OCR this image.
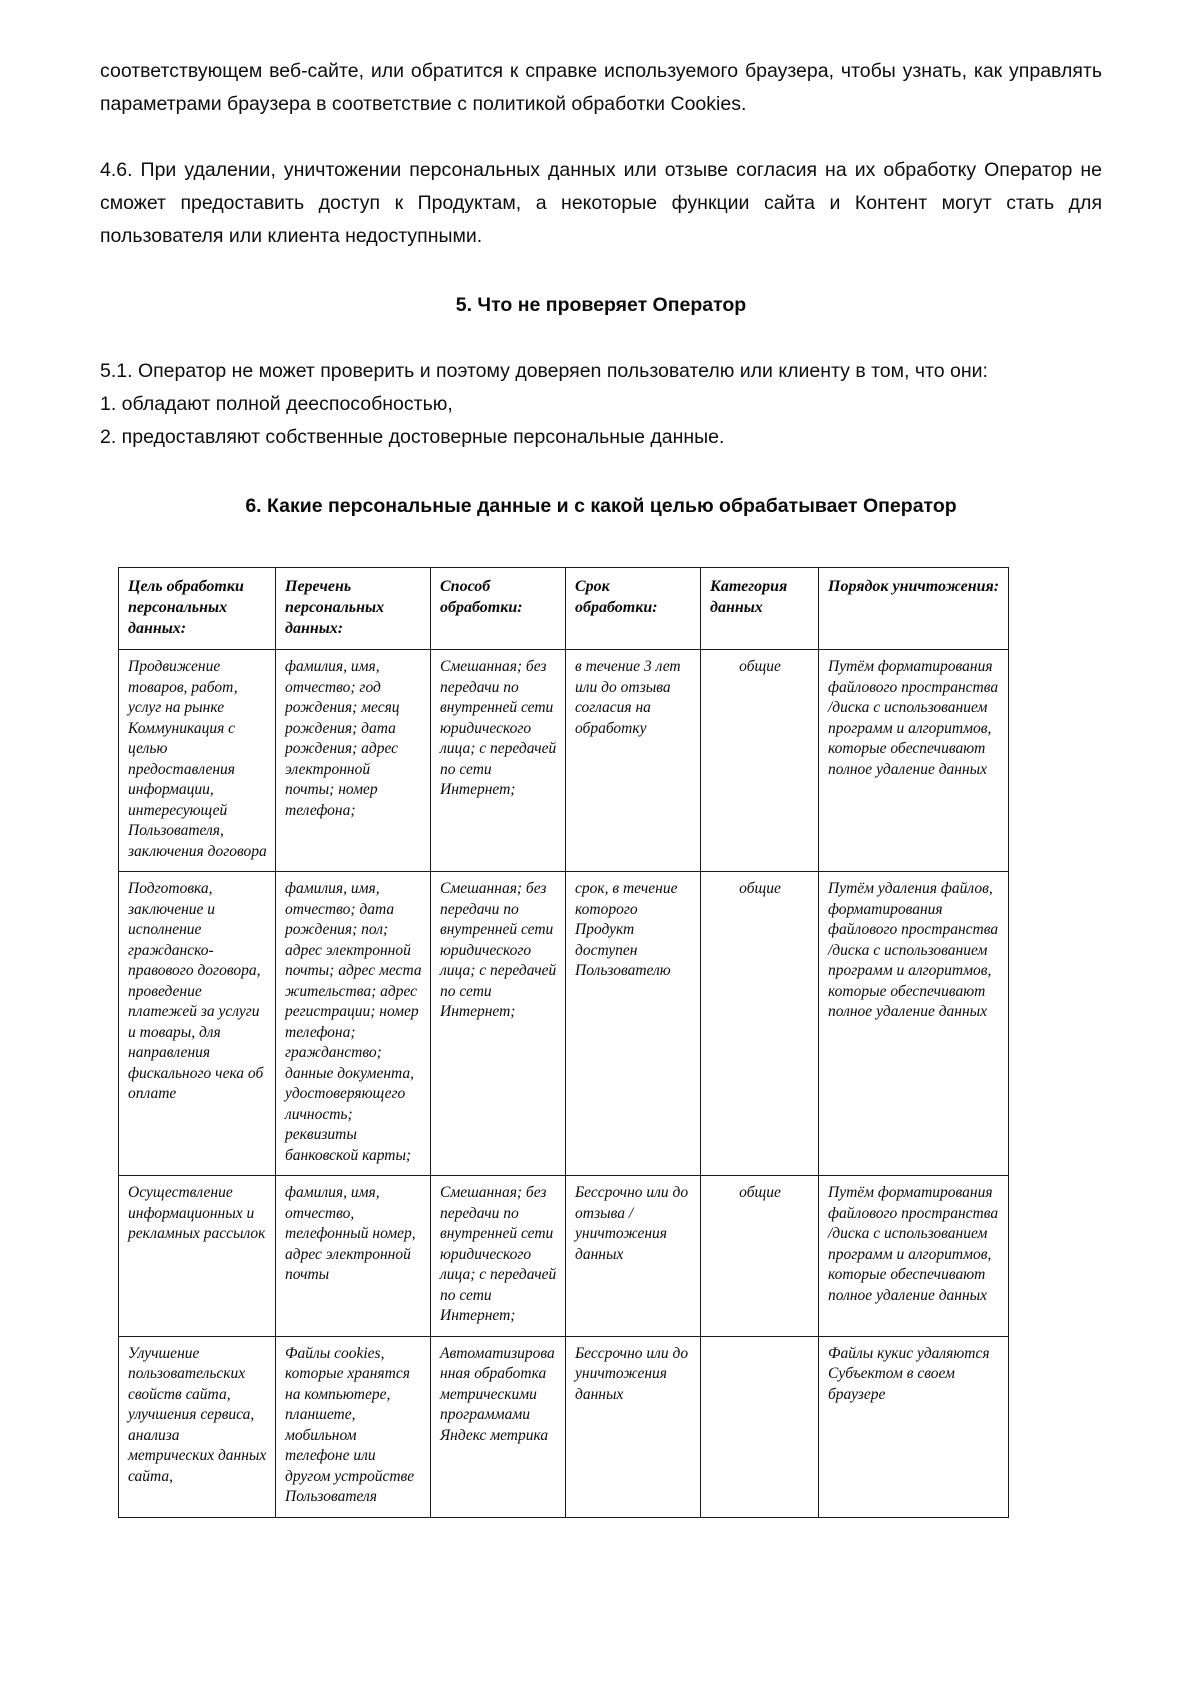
соответствующем веб-сайте, или обратится к справке используемого браузера, чтобы узнать, как управлять параметрами браузера в соответствие с политикой обработки Cookies.

4.6. При удалении, уничтожении персональных данных или отзыве согласия на их обработку Оператор не сможет предоставить доступ к Продуктам, а некоторые функции сайта и Контент могут стать для пользователя или клиента недоступными.

5. Что не проверяет Оператор

5.1. Оператор не может проверить и поэтому доверяеn пользователю или клиенту в том, что они:

1. обладают полной дееспособностью,
2. предоставляют собственные достоверные персональные данные.
6. Какие персональные данные и с какой целью обрабатывает Оператор
Цель обработки персональных данных:	Перечень персональных данных:	Способ обработки:	Срок обработки:	Категория данных	Порядок уничтожения:
Продвижение товаров, работ, услуг на рынке Коммуникация с целью предоставления информации, интересующей Пользователя, заключения договора	фамилия, имя, отчество; год рождения; месяц рождения; дата рождения; адрес электронной почты; номер телефона;	Смешанная; без передачи по внутренней сети юридического лица; с передачей по сети Интернет;	в течение 3 лет или до отзыва согласия на обработку	общие	Путём форматирования файлового пространства /диска с использованием программ и алгоритмов, которые обеспечивают полное удаление данных
Подготовка, заключение и исполнение гражданско-правового договора, проведение платежей за услуги и товары, для направления фискального чека об оплате	фамилия, имя, отчество; дата рождения; пол; адрес электронной почты; адрес места жительства; адрес регистрации; номер телефона; гражданство; данные документа, удостоверяющего личность; реквизиты банковской карты;	Смешанная; без передачи по внутренней сети юридического лица; с передачей по сети Интернет;	срок, в течение которого Продукт доступен Пользователю	общие	Путём удаления файлов, форматирования файлового пространства /диска с использованием программ и алгоритмов, которые обеспечивают полное удаление данных
Осуществление информационных и рекламных рассылок	фамилия, имя, отчество, телефонный номер, адрес электронной почты	Смешанная; без передачи по внутренней сети юридического лица; с передачей по сети Интернет;	Бессрочно или до отзыва /уничтожения данных	общие	Путём форматирования файлового пространства /диска с использованием программ и алгоритмов, которые обеспечивают полное удаление данных
Улучшение пользовательских свойств сайта, улучшения сервиса, анализа метрических данных сайта,	Файлы cookies, которые хранятся на компьютере, планшете, мобильном телефоне или другом устройстве Пользователя	Автоматизированная обработка метрическими программами Яндекс метрика	Бессрочно или до уничтожения данных		Файлы кукис удаляются Субъектом в своем браузере
